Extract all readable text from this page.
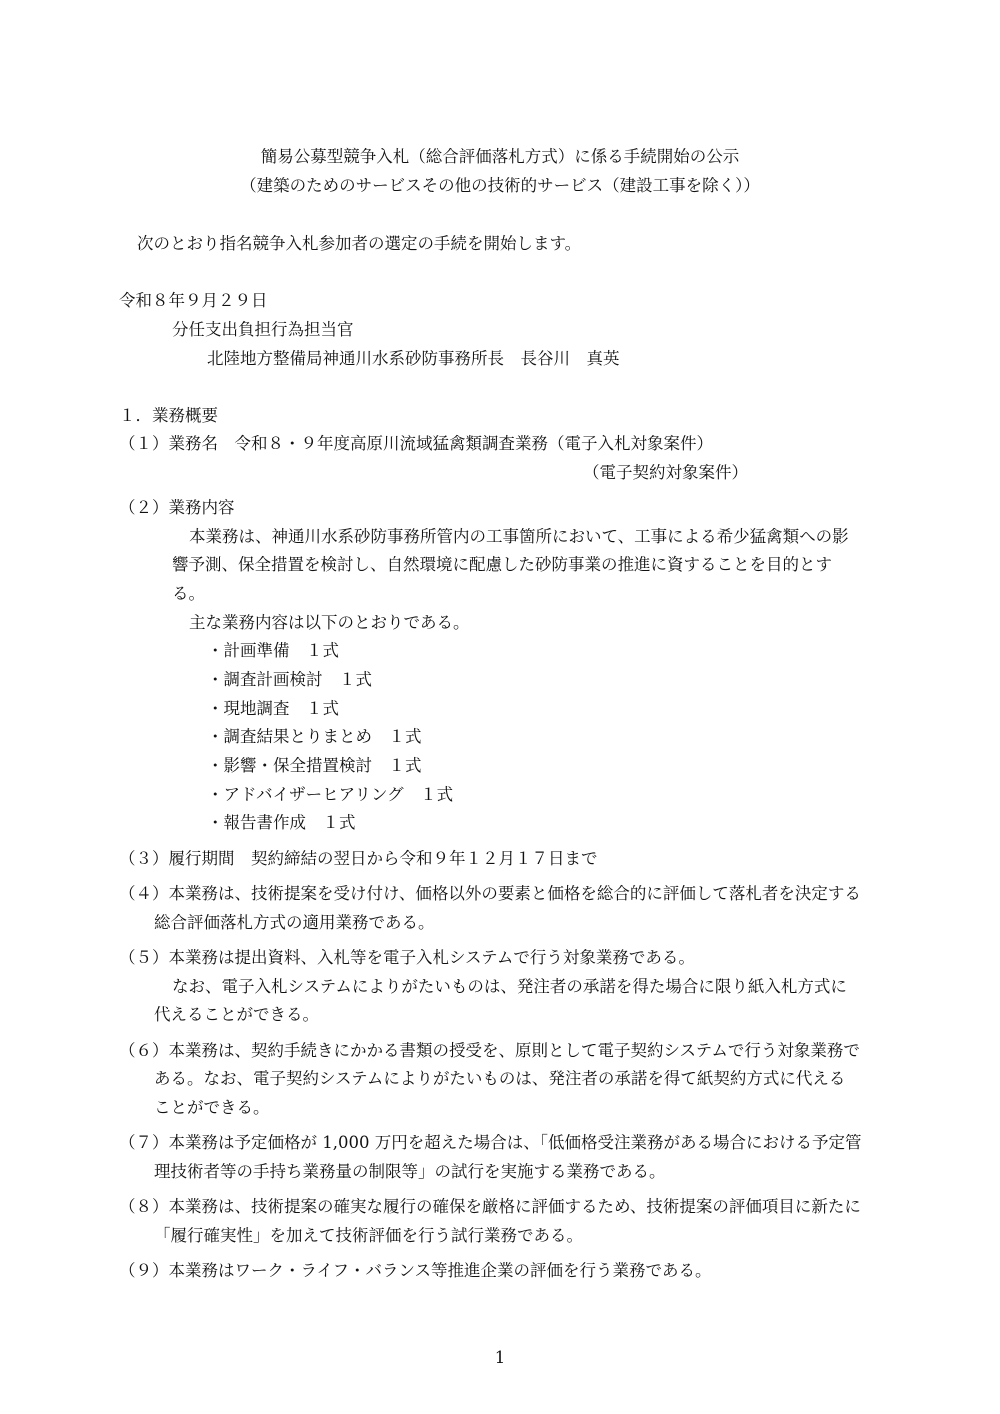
簡易公募型競争入札（総合評価落札方式）に係る手続開始の公示
（建築のためのサービスその他の技術的サービス（建設工事を除く））
次のとおり指名競争入札参加者の選定の手続を開始します。
令和８年９月２９日
分任支出負担行為担当官
北陸地方整備局神通川水系砂防事務所長　長谷川　真英
１．業務概要
（１）業務名　令和８・９年度高原川流域猛禽類調査業務（電子入札対象案件）
（電子契約対象案件）
（２）業務内容
本業務は、神通川水系砂防事務所管内の工事箇所において、工事による希少猛禽類への影
響予測、保全措置を検討し、自然環境に配慮した砂防事業の推進に資することを目的とす
る。
主な業務内容は以下のとおりである。
・計画準備　１式
・調査計画検討　１式
・現地調査　１式
・調査結果とりまとめ　１式
・影響・保全措置検討　１式
・アドバイザーヒアリング　１式
・報告書作成　１式
（３）履行期間　契約締結の翌日から令和９年１２月１７日まで
（４）本業務は、技術提案を受け付け、価格以外の要素と価格を総合的に評価して落札者を決定する
総合評価落札方式の適用業務である。
（５）本業務は提出資料、入札等を電子入札システムで行う対象業務である。
なお、電子入札システムによりがたいものは、発注者の承諾を得た場合に限り紙入札方式に
代えることができる。
（６）本業務は、契約手続きにかかる書類の授受を、原則として電子契約システムで行う対象業務で
ある。なお、電子契約システムによりがたいものは、発注者の承諾を得て紙契約方式に代える
ことができる。
（７）本業務は予定価格が 1,000 万円を超えた場合は、「低価格受注業務がある場合における予定管
理技術者等の手持ち業務量の制限等」の試行を実施する業務である。
（８）本業務は、技術提案の確実な履行の確保を厳格に評価するため、技術提案の評価項目に新たに
「履行確実性」を加えて技術評価を行う試行業務である。
（９）本業務はワーク・ライフ・バランス等推進企業の評価を行う業務である。
1
